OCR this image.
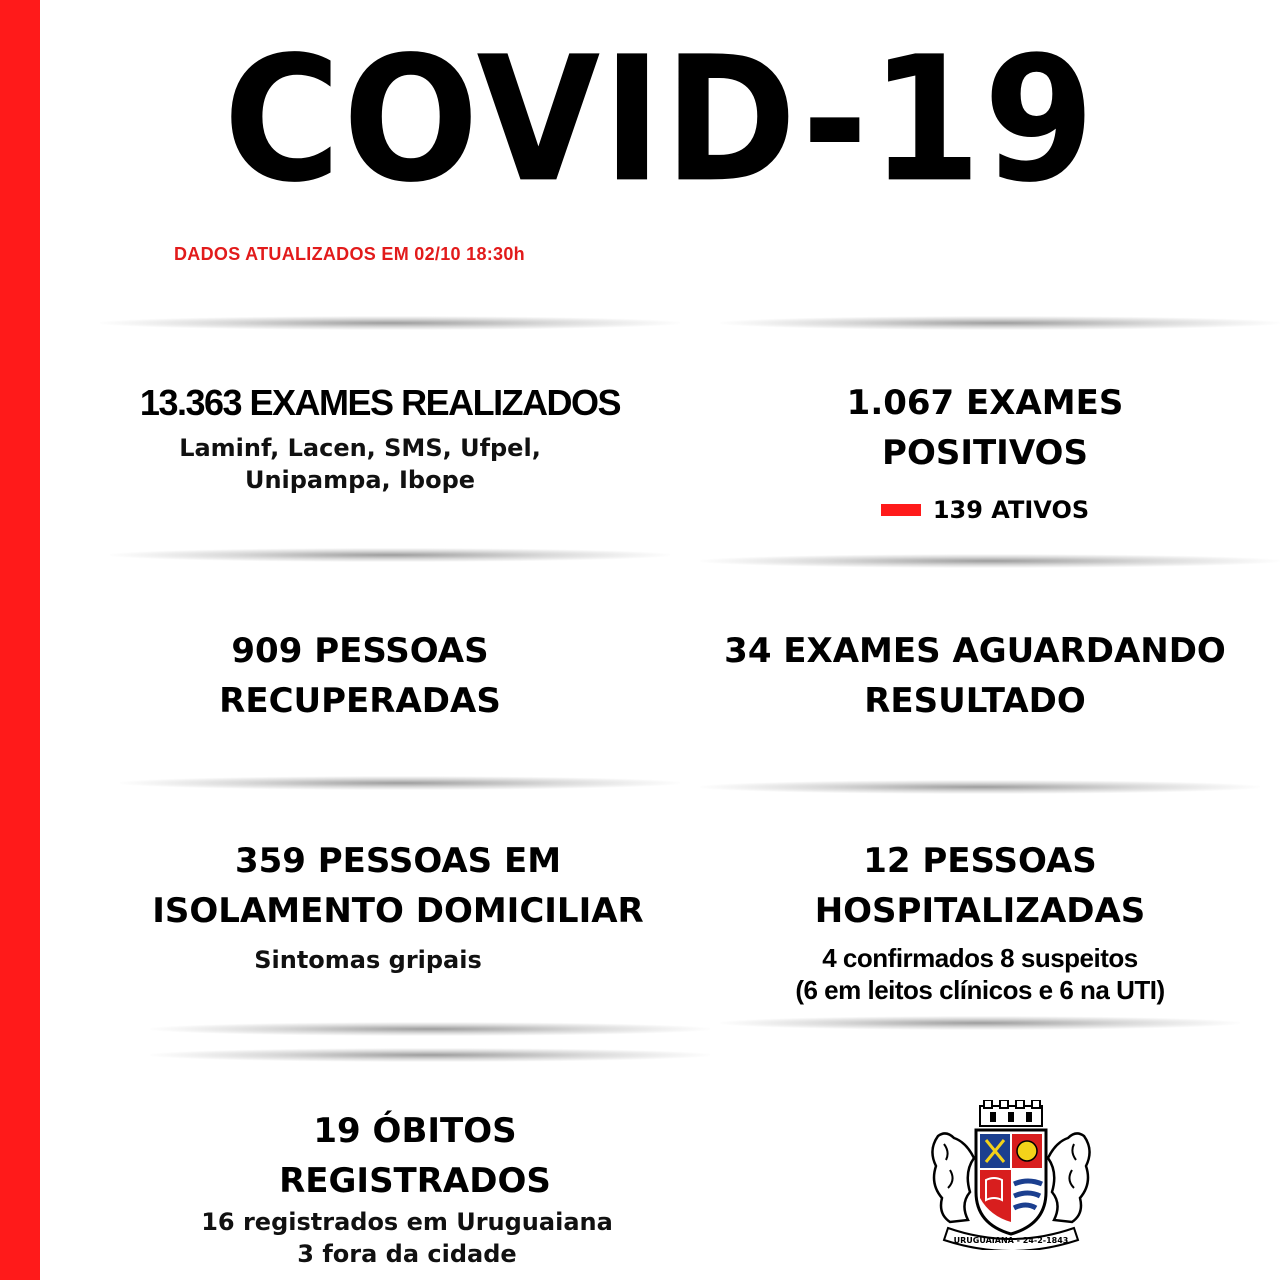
COVID-19
DADOS ATUALIZADOS EM 02/10 18:30h
13.363 EXAMES REALIZADOS
Laminf, Lacen, SMS, Ufpel,
Unipampa, Ibope
1.067 EXAMES POSITIVOS
139 ATIVOS
909 PESSOAS
RECUPERADAS
34 EXAMES AGUARDANDO
RESULTADO
359 PESSOAS EM
ISOLAMENTO DOMICILIAR
Sintomas gripais
12 PESSOAS
HOSPITALIZADAS
4 confirmados 8 suspeitos
(6 em leitos clínicos e 6 na UTI)
19 ÓBITOS REGISTRADOS
16 registrados em Uruguaiana
3 fora da cidade	URUGUAIANA - 24-2-1843
